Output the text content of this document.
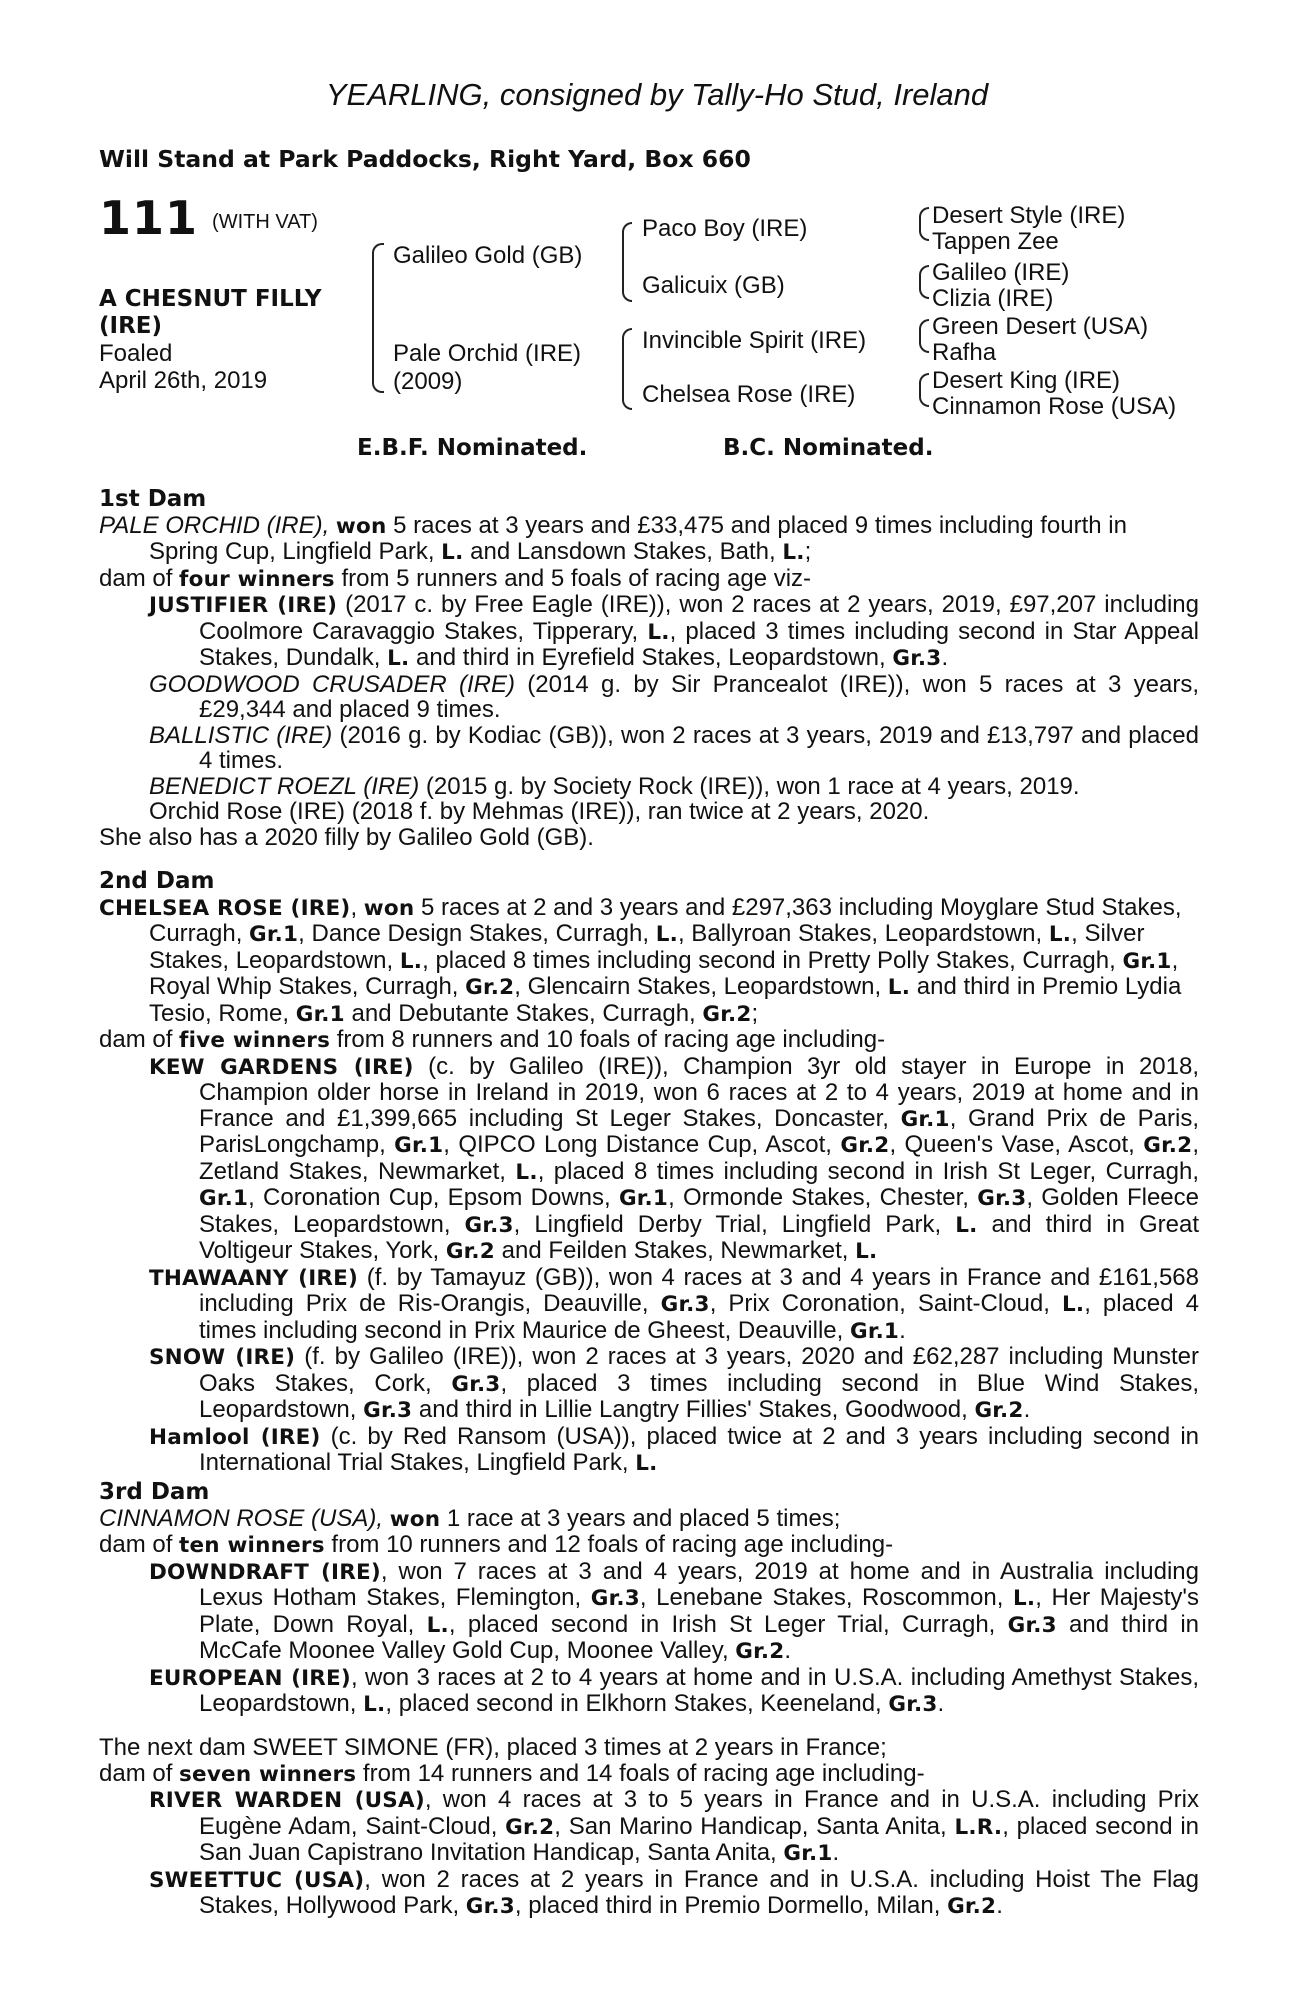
YEARLING, consigned by Tally-Ho Stud, Ireland
Will Stand at Park Paddocks, Right Yard, Box 660
111 $^{(WITH VAT)}$
A CHESNUT FILLY
(IRE)
Foaled
April 26th, 2019
Galileo Gold (GB)
Pale Orchid (IRE)
(2009)
Paco Boy (IRE)
Galicuix (GB)
Invincible Spirit (IRE)
Chelsea Rose (IRE)
Desert Style (IRE)
Tappen Zee
Galileo (IRE)
Clizia (IRE)
Green Desert (USA)
Rafha
Desert King (IRE)
Cinnamon Rose (USA)
E.B.F. Nominated.	B.C. Nominated.
1st Dam

PALE ORCHID (IRE), won 5 races at 3 years and £33,475 and placed 9 times including fourth in Spring Cup, Lingfield Park, L. and Lansdown Stakes, Bath, L.;

dam of four winners from 5 runners and 5 foals of racing age viz-

JUSTIFIER (IRE) (2017 c. by Free Eagle (IRE)), won 2 races at 2 years, 2019, £97,207 including Coolmore Caravaggio Stakes, Tipperary, L., placed 3 times including second in Star Appeal Stakes, Dundalk, L. and third in Eyrefield Stakes, Leopardstown, Gr.3.

GOODWOOD CRUSADER (IRE) (2014 g. by Sir Prancealot (IRE)), won 5 races at 3 years, £29,344 and placed 9 times.

BALLISTIC (IRE) (2016 g. by Kodiac (GB)), won 2 races at 3 years, 2019 and £13,797 and placed 4 times.

BENEDICT ROEZL (IRE) (2015 g. by Society Rock (IRE)), won 1 race at 4 years, 2019.

Orchid Rose (IRE) (2018 f. by Mehmas (IRE)), ran twice at 2 years, 2020.

She also has a 2020 filly by Galileo Gold (GB).

2nd Dam

CHELSEA ROSE (IRE), won 5 races at 2 and 3 years and £297,363 including Moyglare Stud Stakes, Curragh, Gr.1, Dance Design Stakes, Curragh, L., Ballyroan Stakes, Leopardstown, L., Silver Stakes, Leopardstown, L., placed 8 times including second in Pretty Polly Stakes, Curragh, Gr.1, Royal Whip Stakes, Curragh, Gr.2, Glencairn Stakes, Leopardstown, L. and third in Premio Lydia Tesio, Rome, Gr.1 and Debutante Stakes, Curragh, Gr.2;

dam of five winners from 8 runners and 10 foals of racing age including-

KEW GARDENS (IRE) (c. by Galileo (IRE)), Champion 3yr old stayer in Europe in 2018, Champion older horse in Ireland in 2019, won 6 races at 2 to 4 years, 2019 at home and in France and £1,399,665 including St Leger Stakes, Doncaster, Gr.1, Grand Prix de Paris, ParisLongchamp, Gr.1, QIPCO Long Distance Cup, Ascot, Gr.2, Queen's Vase, Ascot, Gr.2, Zetland Stakes, Newmarket, L., placed 8 times including second in Irish St Leger, Curragh, Gr.1, Coronation Cup, Epsom Downs, Gr.1, Ormonde Stakes, Chester, Gr.3, Golden Fleece Stakes, Leopardstown, Gr.3, Lingfield Derby Trial, Lingfield Park, L. and third in Great Voltigeur Stakes, York, Gr.2 and Feilden Stakes, Newmarket, L.

THAWAANY (IRE) (f. by Tamayuz (GB)), won 4 races at 3 and 4 years in France and £161,568 including Prix de Ris-Orangis, Deauville, Gr.3, Prix Coronation, Saint-Cloud, L., placed 4 times including second in Prix Maurice de Gheest, Deauville, Gr.1.

SNOW (IRE) (f. by Galileo (IRE)), won 2 races at 3 years, 2020 and £62,287 including Munster Oaks Stakes, Cork, Gr.3, placed 3 times including second in Blue Wind Stakes, Leopardstown, Gr.3 and third in Lillie Langtry Fillies' Stakes, Goodwood, Gr.2.

Hamlool (IRE) (c. by Red Ransom (USA)), placed twice at 2 and 3 years including second in International Trial Stakes, Lingfield Park, L.

3rd Dam

CINNAMON ROSE (USA), won 1 race at 3 years and placed 5 times;

dam of ten winners from 10 runners and 12 foals of racing age including-

DOWNDRAFT (IRE), won 7 races at 3 and 4 years, 2019 at home and in Australia including Lexus Hotham Stakes, Flemington, Gr.3, Lenebane Stakes, Roscommon, L., Her Majesty's Plate, Down Royal, L., placed second in Irish St Leger Trial, Curragh, Gr.3 and third in McCafe Moonee Valley Gold Cup, Moonee Valley, Gr.2.

EUROPEAN (IRE), won 3 races at 2 to 4 years at home and in U.S.A. including Amethyst Stakes, Leopardstown, L., placed second in Elkhorn Stakes, Keeneland, Gr.3.

The next dam SWEET SIMONE (FR), placed 3 times at 2 years in France;

dam of seven winners from 14 runners and 14 foals of racing age including-

RIVER WARDEN (USA), won 4 races at 3 to 5 years in France and in U.S.A. including Prix Eugène Adam, Saint-Cloud, Gr.2, San Marino Handicap, Santa Anita, L.R., placed second in San Juan Capistrano Invitation Handicap, Santa Anita, Gr.1.

SWEETTUC (USA), won 2 races at 2 years in France and in U.S.A. including Hoist The Flag Stakes, Hollywood Park, Gr.3, placed third in Premio Dormello, Milan, Gr.2.
